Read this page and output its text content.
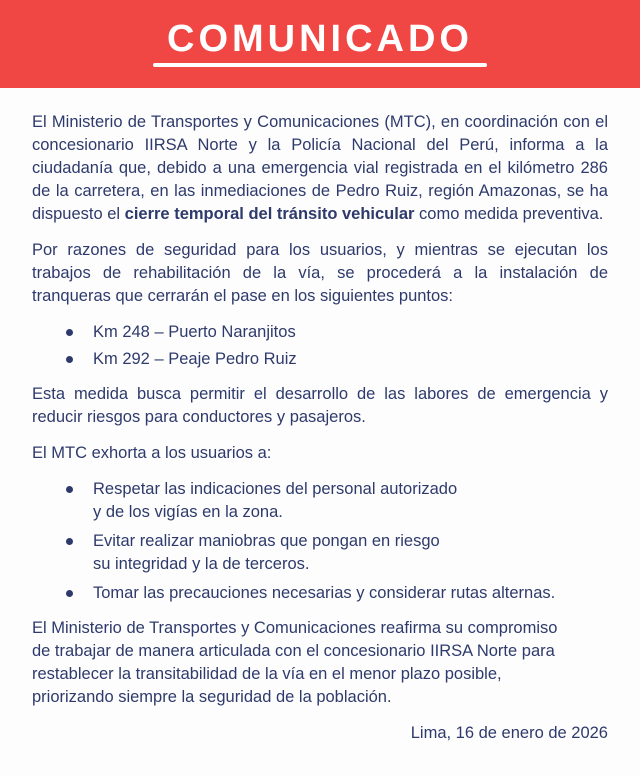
COMUNICADO

El Ministerio de Transportes y Comunicaciones (MTC), en coordinación con el concesionario IIRSA Norte y la Policía Nacional del Perú, informa a la ciudadanía que, debido a una emergencia vial registrada en el kilómetro 286 de la carretera, en las inmediaciones de Pedro Ruiz, región Amazonas, se ha dispuesto el cierre temporal del tránsito vehicular como medida preventiva.

Por razones de seguridad para los usuarios, y mientras se ejecutan los trabajos de rehabilitación de la vía, se procederá a la instalación de tranqueras que cerrarán el pase en los siguientes puntos:

Km 248 – Puerto Naranjitos
Km 292 – Peaje Pedro Ruiz

Esta medida busca permitir el desarrollo de las labores de emergencia y reducir riesgos para conductores y pasajeros.

El MTC exhorta a los usuarios a:

Respetar las indicaciones del personal autorizado
y de los vigías en la zona.
Evitar realizar maniobras que pongan en riesgo
su integridad y la de terceros.
Tomar las precauciones necesarias y considerar rutas alternas.

El Ministerio de Transportes y Comunicaciones reafirma su compromiso
de trabajar de manera articulada con el concesionario IIRSA Norte para
restablecer la transitabilidad de la vía en el menor plazo posible,
priorizando siempre la seguridad de la población.

Lima, 16 de enero de 2026
